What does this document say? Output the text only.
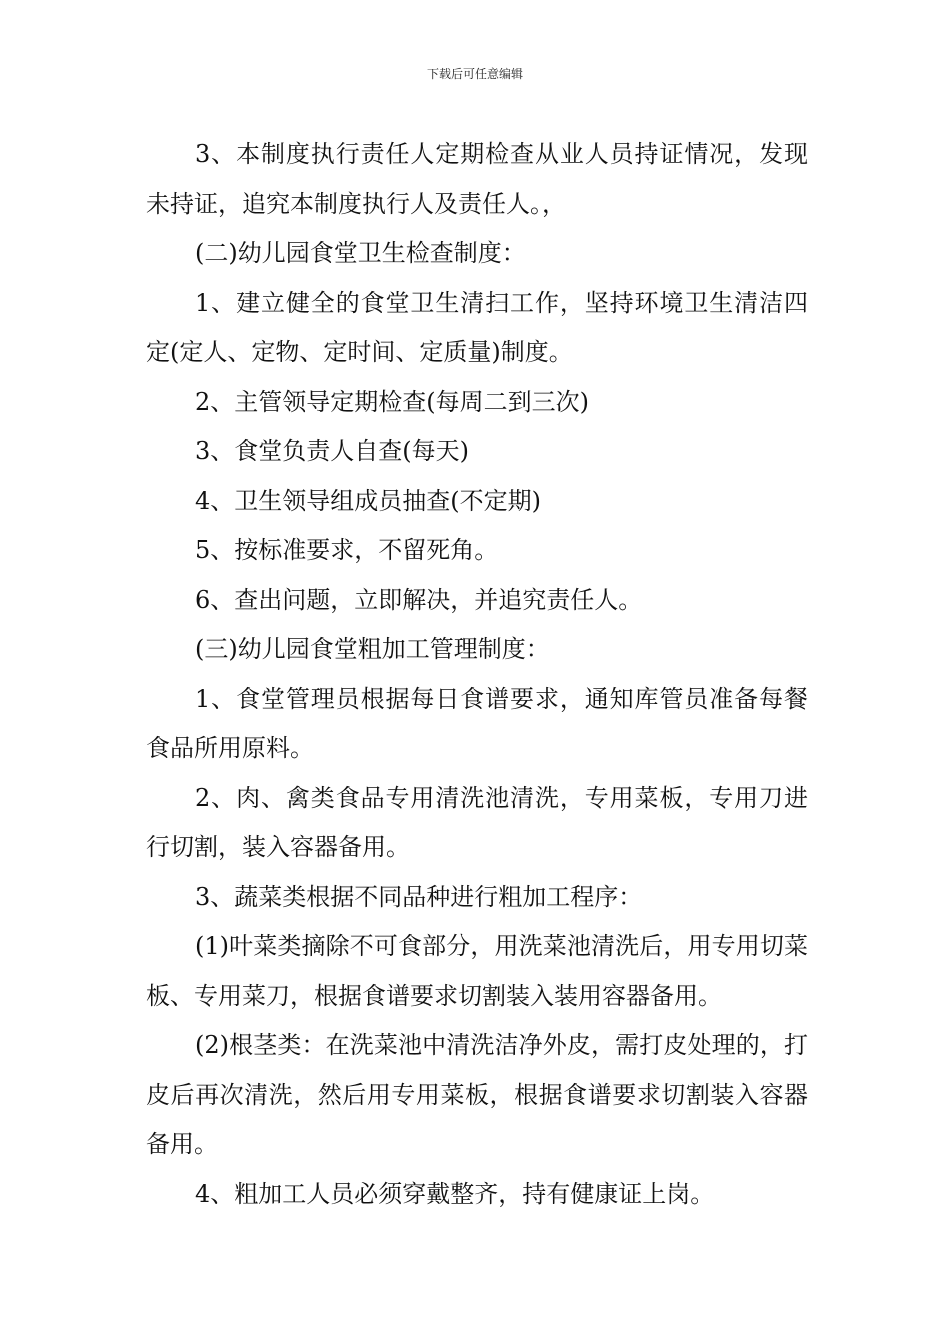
下载后可任意编辑

3、本制度执行责任人定期检查从业人员持证情况，发现未持证，追究本制度执行人及责任人。，

(二)幼儿园食堂卫生检查制度：

1、建立健全的食堂卫生清扫工作，坚持环境卫生清洁四定(定人、定物、定时间、定质量)制度。

2、主管领导定期检查(每周二到三次)

3、食堂负责人自查(每天)

4、卫生领导组成员抽查(不定期)

5、按标准要求，不留死角。

6、查出问题，立即解决，并追究责任人。

(三)幼儿园食堂粗加工管理制度：

1、食堂管理员根据每日食谱要求，通知库管员准备每餐食品所用原料。

2、肉、禽类食品专用清洗池清洗，专用菜板，专用刀进行切割，装入容器备用。

3、蔬菜类根据不同品种进行粗加工程序：

(1)叶菜类摘除不可食部分，用洗菜池清洗后，用专用切菜板、专用菜刀，根据食谱要求切割装入装用容器备用。

(2)根茎类：在洗菜池中清洗洁净外皮，需打皮处理的，打皮后再次清洗，然后用专用菜板，根据食谱要求切割装入容器备用。

4、粗加工人员必须穿戴整齐，持有健康证上岗。
